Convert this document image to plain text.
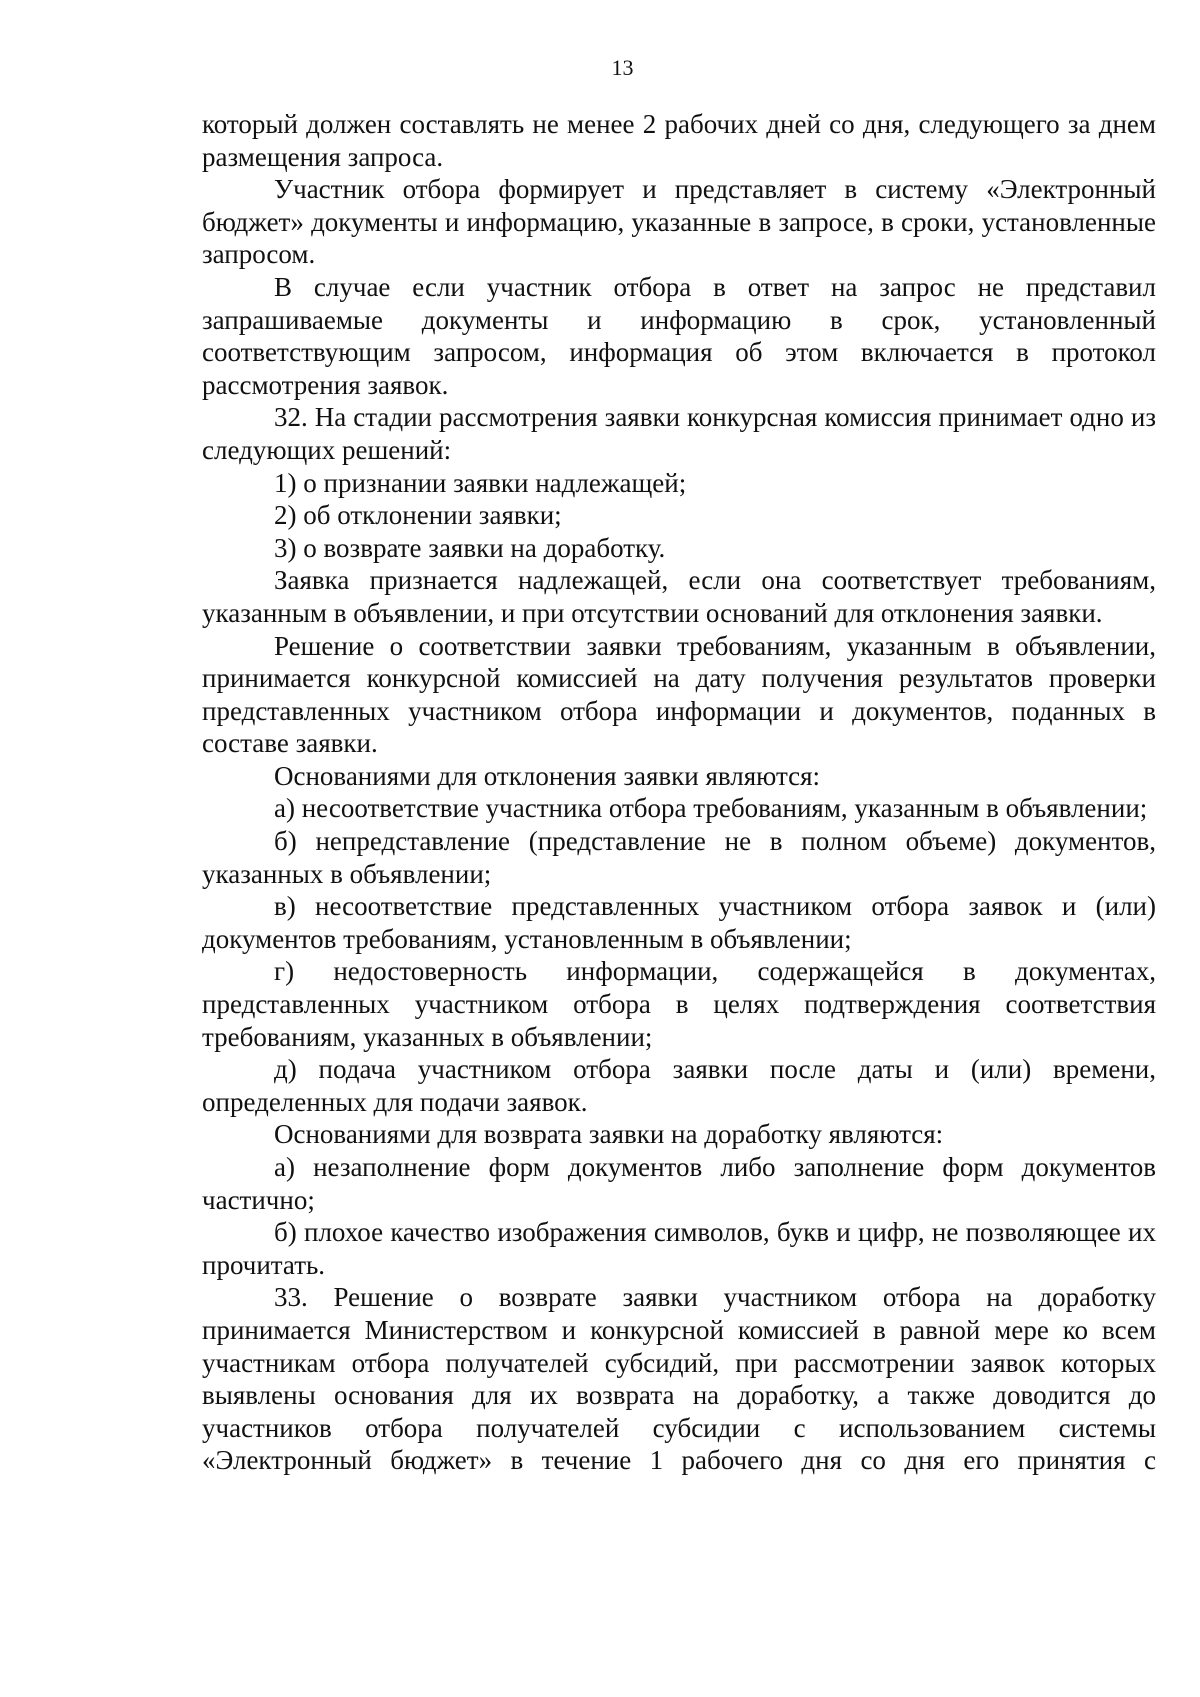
13

который должен составлять не менее 2 рабочих дней со дня, следующего за днем размещения запроса.

Участник отбора формирует и представляет в систему «Электронный бюджет» документы и информацию, указанные в запросе, в сроки, установленные запросом.

В случае если участник отбора в ответ на запрос не представил запрашиваемые документы и информацию в срок, установленный соответствующим запросом, информация об этом включается в протокол рассмотрения заявок.

32. На стадии рассмотрения заявки конкурсная комиссия принимает одно из следующих решений:

1) о признании заявки надлежащей;

2) об отклонении заявки;

3) о возврате заявки на доработку.

Заявка признается надлежащей, если она соответствует требованиям, указанным в объявлении, и при отсутствии оснований для отклонения заявки.

Решение о соответствии заявки требованиям, указанным в объявлении, принимается конкурсной комиссией на дату получения результатов проверки представленных участником отбора информации и документов, поданных в составе заявки.

Основаниями для отклонения заявки являются:

а) несоответствие участника отбора требованиям, указанным в объявлении;

б) непредставление (представление не в полном объеме) документов, указанных в объявлении;

в) несоответствие представленных участником отбора заявок и (или) документов требованиям, установленным в объявлении;

г) недостоверность информации, содержащейся в документах, представленных участником отбора в целях подтверждения соответствия требованиям, указанных в объявлении;

д) подача участником отбора заявки после даты и (или) времени, определенных для подачи заявок.

Основаниями для возврата заявки на доработку являются:

а) незаполнение форм документов либо заполнение форм документов частично;

б) плохое качество изображения символов, букв и цифр, не позволяющее их прочитать.

33. Решение о возврате заявки участником отбора на доработку принимается Министерством и конкурсной комиссией в равной мере ко всем участникам отбора получателей субсидий, при рассмотрении заявок которых выявлены основания для их возврата на доработку, а также доводится до участников отбора получателей субсидии с использованием системы «Электронный бюджет» в течение 1 рабочего дня со дня его принятия с
